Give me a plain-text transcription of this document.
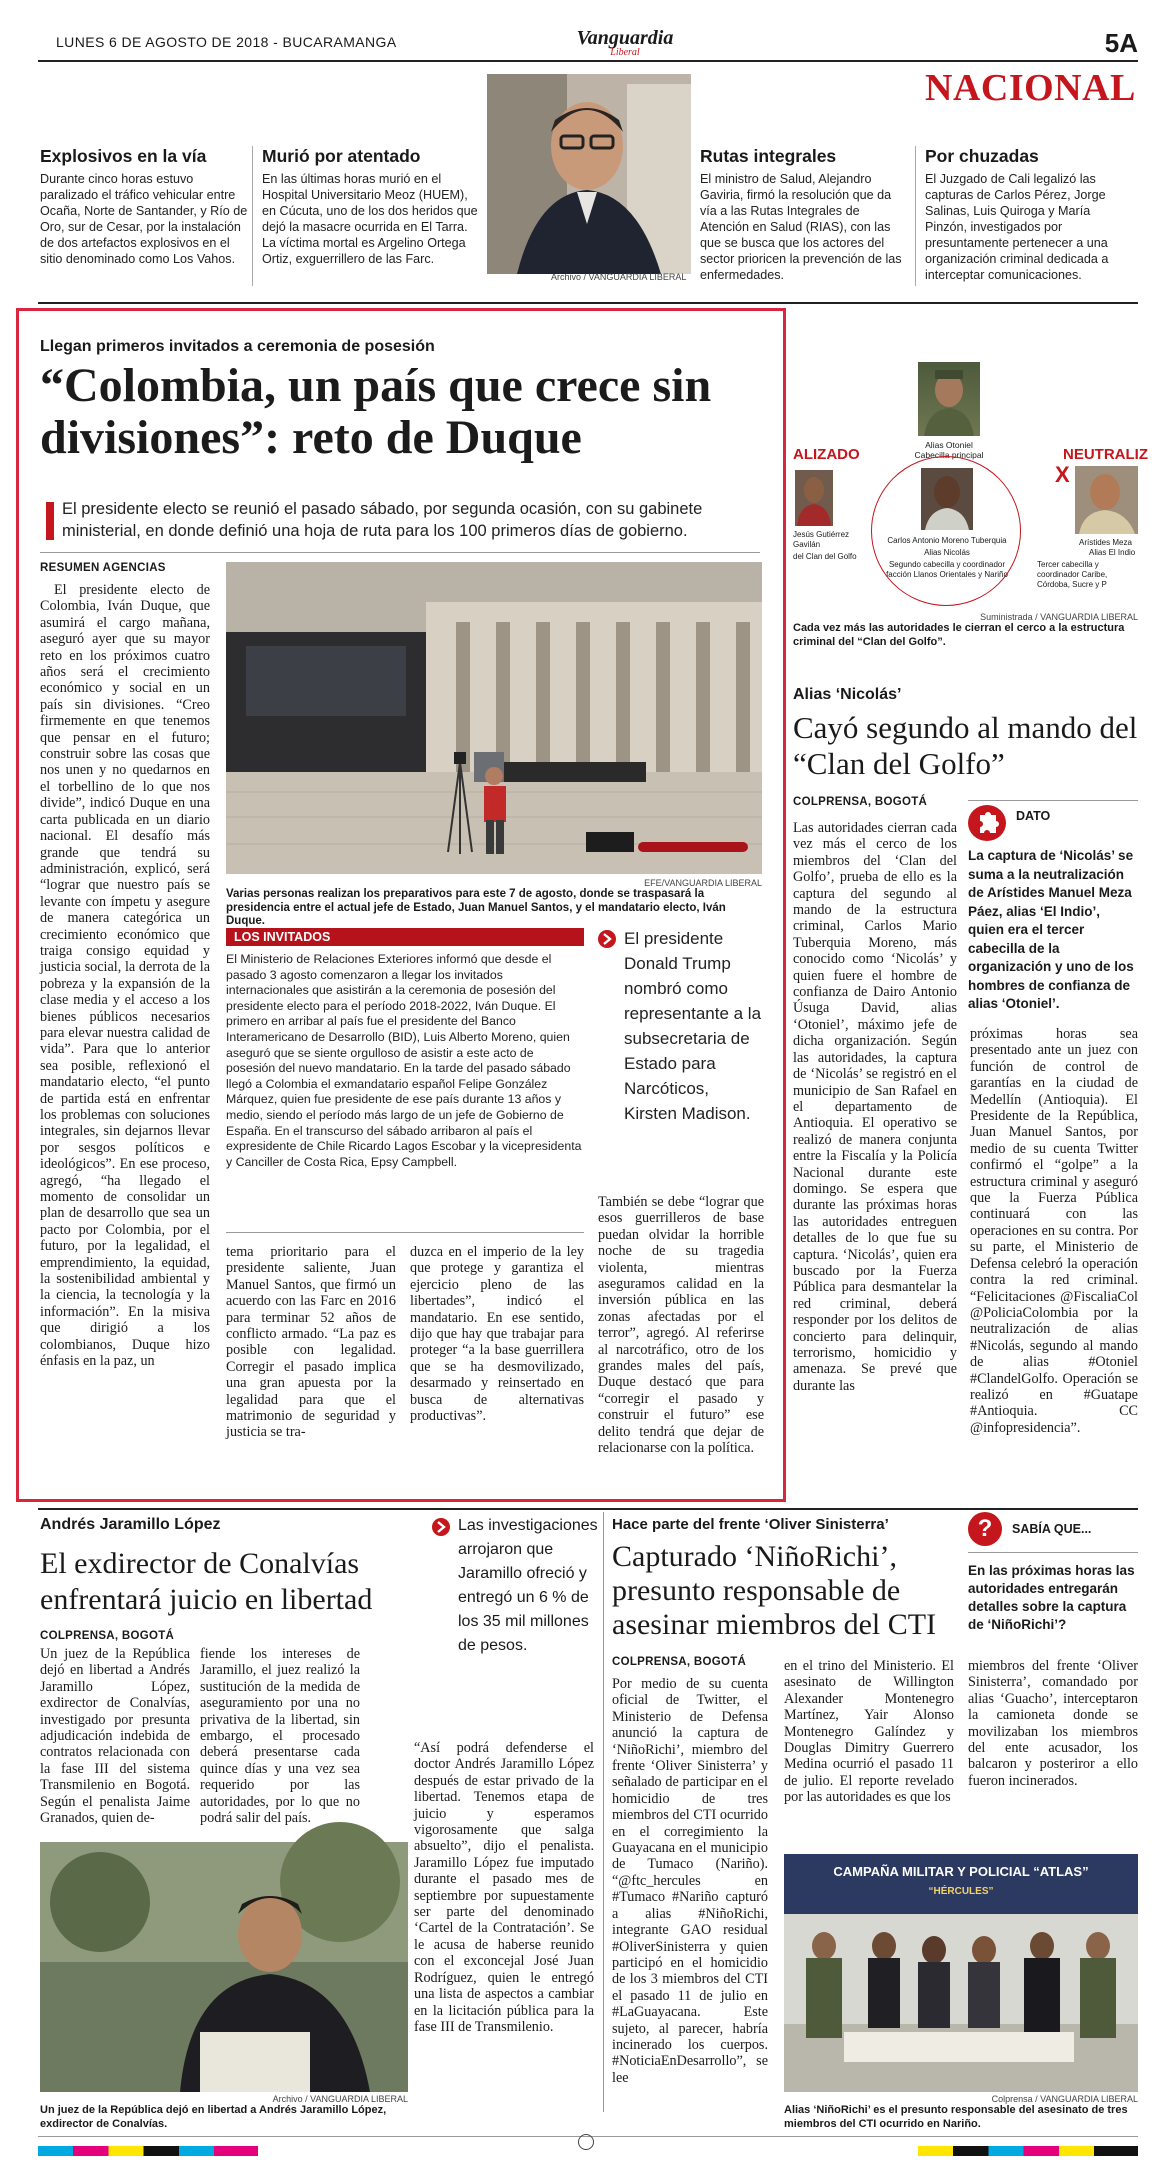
LUNES 6 DE AGOSTO DE 2018 - BUCARAMANGA	Vanguardia
Liberal	5A
NACIONAL
Explosivos en la vía
Durante cinco horas estuvo paralizado el tráfico vehicular entre Ocaña, Norte de Santander, y Río de Oro, sur de Cesar, por la instalación de dos artefactos explosivos en el sitio denominado como Los Vahos.
Murió por atentado
En las últimas horas murió en el Hospital Universitario Meoz (HUEM), en Cúcuta, uno de los dos heridos que dejó la masacre ocurrida en El Tarra. La víctima mortal es Argelino Ortega Ortiz, exguerrillero de las Farc.
Archivo / VANGUARDIA LIBERAL
Rutas integrales
El ministro de Salud, Alejandro Gaviria, firmó la resolución que da vía a las Rutas Integrales de Atención en Salud (RIAS), con las que se busca que los actores del sector prioricen la prevención de las enfermedades.
Por chuzadas
El Juzgado de Cali legalizó las capturas de Carlos Pérez, Jorge Salinas, Luis Quiroga y María Pinzón, investigados por presuntamente pertenecer a una organización criminal dedicada a interceptar comunicaciones.
Llegan primeros invitados a ceremonia de posesión
“Colombia, un país que crece sin divisiones”: reto de Duque
El presidente electo se reunió el pasado sábado, por segunda ocasión, con su gabinete ministerial, en donde definió una hoja de ruta para los 100 primeros días de gobierno.
RESUMEN AGENCIAS
El presidente electo de Colombia, Iván Duque, que asumirá el cargo mañana, aseguró ayer que su mayor reto en los próximos cuatro años será el crecimiento económico y social en un país sin divisiones. “Creo firmemente en que tenemos que pensar en el futuro; construir sobre las cosas que nos unen y no quedarnos en el torbellino de lo que nos divide”, indicó Duque en una carta publicada en un diario nacional. El desafío más grande que tendrá su administración, explicó, será “lograr que nuestro país se levante con ímpetu y asegure de manera categórica un crecimiento económico que traiga consigo equidad y justicia social, la derrota de la pobreza y la expansión de la clase media y el acceso a los bienes públicos necesarios para elevar nuestra calidad de vida”. Para que lo anterior sea posible, reflexionó el mandatario electo, “el punto de partida está en enfrentar los problemas con soluciones integrales, sin dejarnos llevar por sesgos políticos e ideológicos”. En ese proceso, agregó, “ha llegado el momento de consolidar un plan de desarrollo que sea un pacto por Colombia, por el futuro, por la legalidad, el emprendimiento, la equidad, la sostenibilidad ambiental y la ciencia, la tecnología y la información”. En la misiva que dirigió a los colombianos, Duque hizo énfasis en la paz, un
EFE/VANGUARDIA LIBERAL
Varias personas realizan los preparativos para este 7 de agosto, donde se traspasará la presidencia entre el actual jefe de Estado, Juan Manuel Santos, y el mandatario electo, Iván Duque.
LOS INVITADOS
El Ministerio de Relaciones Exteriores informó que desde el pasado 3 agosto comenzaron a llegar los invitados internacionales que asistirán a la ceremonia de posesión del presidente electo para el período 2018-2022, Iván Duque. El primero en arribar al país fue el presidente del Banco Interamericano de Desarrollo (BID), Luis Alberto Moreno, quien aseguró que se siente orgulloso de asistir a este acto de posesión del nuevo mandatario. En la tarde del pasado sábado llegó a Colombia el exmandatario español Felipe González Márquez, quien fue presidente de ese país durante 13 años y medio, siendo el período más largo de un jefe de Gobierno de España. En el transcurso del sábado arribaron al país el expresidente de Chile Ricardo Lagos Escobar y la vicepresidenta y Canciller de Costa Rica, Epsy Campbell.
El presidente Donald Trump nombró como representante a la subsecretaria de Estado para Narcóticos, Kirsten Madison.
También se debe “lograr que esos guerrilleros de base puedan olvidar la horrible noche de su tragedia violenta, mientras aseguramos calidad en la inversión pública en las zonas afectadas por el terror”, agregó. Al referirse al narcotráfico, otro de los grandes males del país, Duque destacó que para “corregir el pasado y construir el futuro” ese delito tendrá que dejar de relacionarse con la política.
tema prioritario para el presidente saliente, Juan Manuel Santos, que firmó un acuerdo con las Farc en 2016 para terminar 52 años de conflicto armado. “La paz es posible con legalidad. Corregir el pasado implica una gran apuesta por la legalidad para que el matrimonio de seguridad y justicia se tra-
duzca en el imperio de la ley que protege y garantiza el ejercicio pleno de las libertades”, indicó el mandatario. En ese sentido, dijo que hay que trabajar para proteger “a la base guerrillera que se ha desmovilizado, desarmado y reinsertado en busca de alternativas productivas”.
ALIZADO	NEUTRALIZ
Alias Otoniel
Cabecilla principal
Jesús Gutiérrez
Gavilán
del Clan del Golfo
Carlos Antonio Moreno Tuberquia
Alias Nicolás
Segundo cabecilla y coordinador facción Llanos Orientales y Nariño
X
Arístides Meza
Alias El Indio
Tercer cabecilla y coordinador Caribe, Córdoba, Sucre y P
Suministrada / VANGUARDIA LIBERAL
Cada vez más las autoridades le cierran el cerco a la estructura criminal del “Clan del Golfo”.
Alias ‘Nicolás’
Cayó segundo al mando del “Clan del Golfo”
COLPRENSA, BOGOTÁ
Las autoridades cierran cada vez más el cerco de los miembros del ‘Clan del Golfo’, prueba de ello es la captura del segundo al mando de la estructura criminal, Carlos Mario Tuberquia Moreno, más conocido como ‘Nicolás’ y quien fuere el hombre de confianza de Dairo Antonio Úsuga David, alias ‘Otoniel’, máximo jefe de dicha organización. Según las autoridades, la captura de ‘Nicolás’ se registró en el municipio de San Rafael en el departamento de Antioquia. El operativo se realizó de manera conjunta entre la Fiscalía y la Policía Nacional durante este domingo. Se espera que durante las próximas horas las autoridades entreguen detalles de lo que fue su captura. ‘Nicolás’, quien era buscado por la Fuerza Pública para desmantelar la red criminal, deberá responder por los delitos de concierto para delinquir, terrorismo, homicidio y amenaza. Se prevé que durante las
DATO
La captura de ‘Nicolás’ se suma a la neutralización de Arístides Manuel Meza Páez, alias ‘El Indio’, quien era el tercer cabecilla de la organización y uno de los hombres de confianza de alias ‘Otoniel’.
próximas horas sea presentado ante un juez con función de control de garantías en la ciudad de Medellín (Antioquia). El Presidente de la República, Juan Manuel Santos, por medio de su cuenta Twitter confirmó el “golpe” a la estructura criminal y aseguró que la Fuerza Pública continuará con las operaciones en su contra. Por su parte, el Ministerio de Defensa celebró la operación contra la red criminal. “Felicitaciones @FiscaliaCol @PoliciaColombia por la neutralización de alias #Nicolás, segundo al mando de alias #Otoniel #ClandelGolfo. Operación se realizó en #Guatape #Antioquia. CC @infopresidencia”.
Andrés Jaramillo López
El exdirector de Conalvías enfrentará juicio en libertad
COLPRENSA, BOGOTÁ
Un juez de la República dejó en libertad a Andrés Jaramillo López, exdirector de Conalvías, investigado por presunta adjudicación indebida de contratos relacionada con la fase III del sistema Transmilenio en Bogotá. Según el penalista Jaime Granados, quien de-
fiende los intereses de Jaramillo, el juez realizó la sustitución de la medida de aseguramiento por una no privativa de la libertad, sin embargo, el procesado deberá presentarse cada quince días y una vez sea requerido por las autoridades, por lo que no podrá salir del país.
Las investigaciones arrojaron que Jaramillo ofreció y entregó un 6 % de los 35 mil millones de pesos.
“Así podrá defenderse el doctor Andrés Jaramillo López después de estar privado de la libertad. Tenemos etapa de juicio y esperamos vigorosamente que salga absuelto”, dijo el penalista. Jaramillo López fue imputado durante el pasado mes de septiembre por supuestamente ser parte del denominado ‘Cartel de la Contratación’. Se le acusa de haberse reunido con el exconcejal José Juan Rodríguez, quien le entregó una lista de aspectos a cambiar en la licitación pública para la fase III de Transmilenio.
Archivo / VANGUARDIA LIBERAL
Un juez de la República dejó en libertad a Andrés Jaramillo López, exdirector de Conalvías.
Hace parte del frente ‘Oliver Sinisterra’
Capturado ‘NiñoRichi’, presunto responsable de asesinar miembros del CTI
COLPRENSA, BOGOTÁ
Por medio de su cuenta oficial de Twitter, el Ministerio de Defensa anunció la captura de ‘NiñoRichi’, miembro del frente ‘Oliver Sinisterra’ y señalado de participar en el homicidio de tres miembros del CTI ocurrido en el corregimiento la Guayacana en el municipio de Tumaco (Nariño). “@ftc_hercules en #Tumaco #Nariño capturó a alias #NiñoRichi, integrante GAO residual #OliverSinisterra y quien participó en el homicidio de los 3 miembros del CTI el pasado 11 de julio en #LaGuayacana. Este sujeto, al parecer, habría incinerado los cuerpos. #NoticiaEnDesarrollo”, se lee
en el trino del Ministerio. El asesinato de Willington Alexander Montenegro Martínez, Yair Alonso Montenegro Galíndez y Douglas Dimitry Guerrero Medina ocurrió el pasado 11 de julio. El reporte revelado por las autoridades es que los
miembros del frente ‘Oliver Sinisterra’, comandado por alias ‘Guacho’, interceptaron la camioneta donde se movilizaban los miembros del ente acusador, los balcaron y posteriror a ello fueron incinerados.
?	SABÍA QUE...
En las próximas horas las autoridades entregarán detalles sobre la captura de ‘NiñoRichi’?
CAMPAÑA MILITAR Y POLICIAL “ATLAS”
“HÉRCULES”
Colprensa / VANGUARDIA LIBERAL
Alias ‘NiñoRichi’ es el presunto responsable del asesinato de tres miembros del CTI ocurrido en Nariño.
